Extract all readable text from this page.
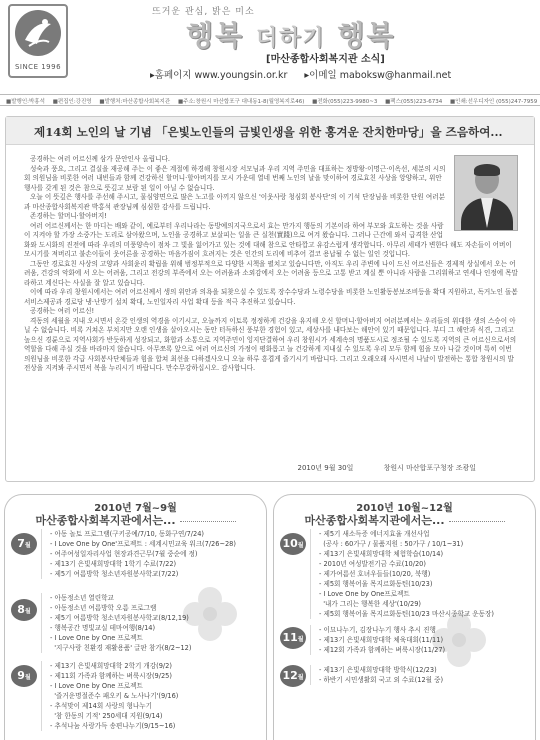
SINCE 1996
뜨거운 관심, 밝은 미소
행복 더하기 행복
[마산종합사회복지관 소식]
▸홈페이지 www.youngsin.or.kr ▸이메일 maboksw@hanmail.net
■발행인:박홍석 ■편집인:강진영 ■발행처:마산종합사회복지관 ■주소:창원시 마산합포구 대내동1-8(월영복지로46) ■전화(055)223-9980~3 ■팩스(055)223-6734 ■인쇄:선우디자인 (055)247-7959
제14회 노인의 날 기념 「은빛노인들의 금빛인생을 위한 홍겨운 잔치한마당」을 즈음하여...

공경하는 여러 어르신께 삼가 문안인사 올립니다.

성숙과 풍요, 그리고 결실을 재공해 주는 이 좋은 계절에 하경해 창원시장 서모님과 우리 지역 주민을 대표하는 정방왕·이명근·이옥선, 세분의 시의회 의원님을 비롯한 여러 내빈들과 함께 건강하신 할머니·할아버지를 모시 가운데 열네 번째 노인의 날을 맞이하여 경로효친 사상을 앙양하고, 위안행사를 갖게 된 것은 참으로 뜻깊고 보람 된 일이 아닐 수 없습니다.

오늘 이 뜻깊은 행사를 주선해 주시고, 물심양면으로 많은 노고를 아끼지 않으신 '이웃사랑 청심회 봉사단'의 이 기석 단장님을 비롯한 단원 여러분과 마산종합사회복지관 박홍석 관장님께 심심한 감사를 드립니다.

존경하는 할머니·할아버지!

여러 어르신께서는 한 마디는 배와 같이, 예로부터 우리나라는 동방예의지국으로서 효는 만가지 행동의 기본이라 하여 부모와 효도하는 것을 사람이 지켜야 할 가장 소중가는 도리로 삼아왔으며, 노인을 공경하고 보살피는 일을 큰 실천(實踐)으로 여겨 왔습니다. 그러나 근간에 와서 급격한 산업화와 도시화의 진전에 따라 우리의 미풍양속이 점차 그 빛을 잃어가고 있는 것에 대해 참으로 안타깝고 유감스럽게 생각합니다. 아무리 세태가 변한다 해도 자손들이 어버이 모시기를 져버리고 불손이들이 웃어른을 공경하는 마음가짐이 흐려지는 것은 인간의 도리에 비추어 결코 용납될 수 없는 일인 것입니다.

그동안 경로효친 사상의 고양과 사회윤리 확립을 위해 범정부적으로 다양한 시책을 펼치고 있습니다만, 아직도 우리 주변에 나이 드신 어르신들은 경제적 상실에서 오는 어려움, 건강의 악화에 서 오는 어려움, 그리고 전강의 부족에서 오는 어려움과 소외감에서 오는 어려움 등으로 고통 받고 계실 뿐 아니라 사람을 그리워하고 연세나 인정에 목말라하고 계신다는 사실을 잘 알고 있습니다.

이에 따라 우리 창원시에서는 여러 어르신께서 생의 위안과 의욕을 되찾으실 수 있도록 장수수당과 노령수당을 비롯한 노인활동봉보조비등을 확대 지원하고, 독거노인 돌봄 서비스제공과 경로당 냉·난방기 설치 확대, 노인일자리 사업 확대 등을 적극 추진하고 있습니다.

공경하는 여러 어르신!

격동의 세월을 지내 오시면서 온갖 인생의 역경을 이기시고, 오늘까지 이토록 정정하게 건강을 유지해 오신 할머니·할아버지 여러분께서는 우리들의 위대한 생의 스승이 아닐 수 없습니다. 비록 거쳐온 부치지만 오랜 인생을 살아오시는 동안 터득하신 풍부한 경험이 있고, 세상사를 내다보는 해안이 있기 때문입니다. 부디 그 해안과 식견, 그리고 높으신 경륜으로 지역사회가 반듯하게 성장되고, 화합과 소통으로 지역주민이 잉지단결하여 우리 창원시가 세계속의 명품도시로 정조될 수 있도록 지역의 큰 어르신으로서의 역할을 다해 주실 것을 바라마지 않습니다. 아무쪼록 앞으로 여러 어르신의 가정이 평화롭고 늘 건강하게 지내실 수 있도록 우리 모두 함께 힘을 모아 나갈 것이며 특히 이번 의원님을 비롯한 각급 사회봉사단체들과 힘을 합쳐 최선을 다하겠사오니 오늘 하루 흥겹게 즐기시기 바랍니다. 그리고 오래오래 사시면서 나날이 발전하는 통합 창원시의 발전상을 지켜봐 주시면서 복을 누리시기 바랍니다. 만수무강하십시오. 감사합니다.

2010년 9월 30일	창원시 마산합포구청장 조광일
2010년 7월~9월
마산종합사회복지관에서는...
7월
- 아동 놀토 프로그램(구키공예/7/10, 동화구연/7/24)
- I Love One by One'프로젝트 : 세계시민교육 워크(7/26~28)
- 여주여성일자리사업 현장과견근무(7월 중순에 정)
- 제13기 은빛새희망대학 1학기 수료(7/22)
- 제5기 여름방학 청소년자원봉사학교(7/22)
8월
- 아동정소년 열린학교
- 아동정소년 여름방학 오름 프로그램
- 제5기 여름방학 청소년자원봉사학교(8/12,19)
- 행복공간 명빛교실 테마여행(8/14)
- I Love One by One 프로젝트
'지구사랑 친환경 재활용품' 글판 참가(8/2~12)
9월
- 제13기 은빛새희망대학 2학기 개강(9/2)
- 제11회 가족과 함께하는 벼룩시장(9/25)
- I Love One by One 프로젝트
'즐거운명절준수 패오키 & 노사나기'(9/16)
- 추석맞이 제14회 사랑의 형나누기
'참 한동의 기적' 250세대 지원(9/14)
- 추석나눔 사랑가득 송편나누기(9/15~16)
2010년 10월~12월
마산종합사회복지관에서는...
10월
- 제5기 새소득증 에너지효율 개선사업
(공사 : 60가구 / 물품지원 : 50가구 / 10/1~31)
- 제13기 은빛새희망대학 체험학습(10/14)
- 2010년 여성발전기금 수료(10/20)
- 제가여름선 호녀우들들(10/20, 북행)
- 제5회 행복어울 목지르화동틴(10/23)
- I Love One by One프로젝트
'내가 그리는 행복한 세상'(10/29)
- 제5회 행복어울 목지르화동틴(10/23 마산시종학교 운동장)
11월
- 이묘나누기, 김장나누기 행사 추시 진행
- 제13기 은빛새희망대학 체육대회(11/11)
- 제12회 가족과 함께하는 벼룩시장(11/27)
12월
- 제13기 은빛새희망대학 방학식(12/23)
- 하반기 시민생활회 국고 외 수료(12월 중)
